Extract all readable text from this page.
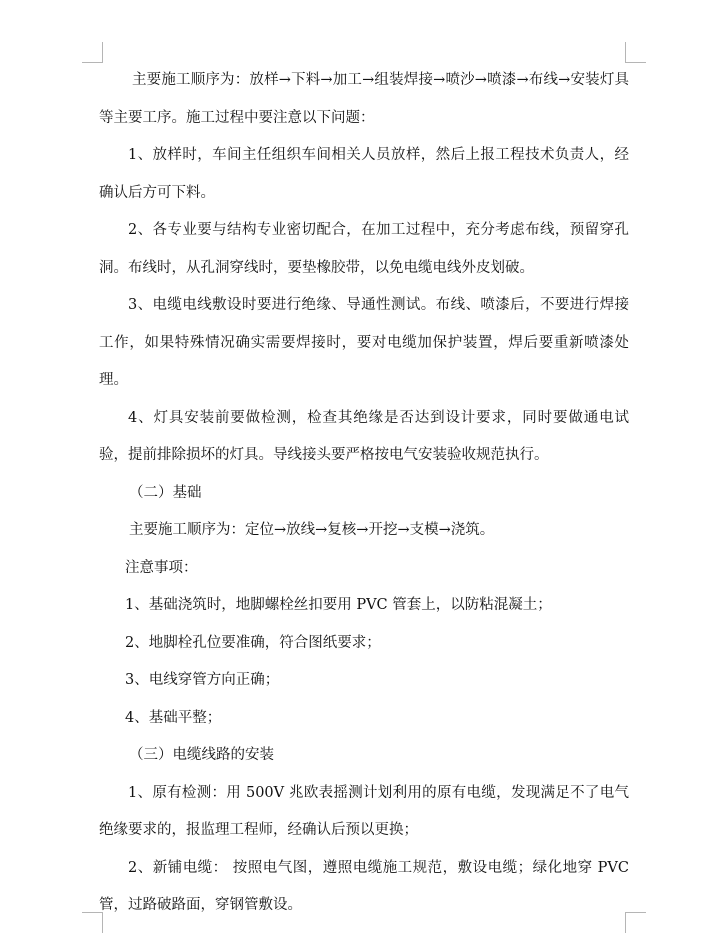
主要施工顺序为：放样→下料→加工→组装焊接→喷沙→喷漆→布线→安装灯具等主要工序。施工过程中要注意以下问题：

1、放样时，车间主任组织车间相关人员放样，然后上报工程技术负责人，经确认后方可下料。

2、各专业要与结构专业密切配合，在加工过程中，充分考虑布线，预留穿孔洞。布线时，从孔洞穿线时，要垫橡胶带，以免电缆电线外皮划破。

3、电缆电线敷设时要进行绝缘、导通性测试。布线、喷漆后，不要进行焊接工作，如果特殊情况确实需要焊接时，要对电缆加保护装置，焊后要重新喷漆处理。

4、灯具安装前要做检测，检查其绝缘是否达到设计要求，同时要做通电试验，提前排除损坏的灯具。导线接头要严格按电气安装验收规范执行。

（二）基础

主要施工顺序为：定位→放线→复核→开挖→支模→浇筑。

注意事项：

1、基础浇筑时，地脚螺栓丝扣要用 PVC 管套上，以防粘混凝土；

2、地脚栓孔位要准确，符合图纸要求；

3、电线穿管方向正确；

4、基础平整；

（三）电缆线路的安装

1、原有检测：用 500V 兆欧表摇测计划利用的原有电缆，发现满足不了电气绝缘要求的，报监理工程师，经确认后预以更换；

2、新铺电缆： 按照电气图，遵照电缆施工规范，敷设电缆；绿化地穿 PVC 管，过路破路面，穿钢管敷设。
